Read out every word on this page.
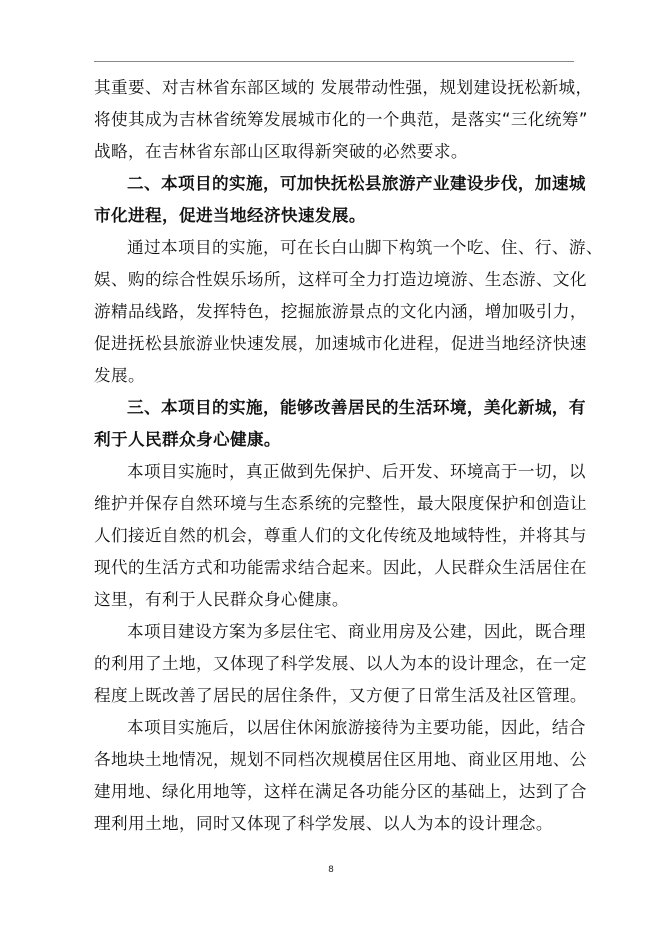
其重要、对吉林省东部区域的 发展带动性强，规划建设抚松新城，
将使其成为吉林省统筹发展城市化的一个典范，是落实“三化统筹”
战略，在吉林省东部山区取得新突破的必然要求。
二、本项目的实施，可加快抚松县旅游产业建设步伐，加速城
市化进程，促进当地经济快速发展。
通过本项目的实施，可在长白山脚下构筑一个吃、住、行、游、
娱、购的综合性娱乐场所，这样可全力打造边境游、生态游、文化
游精品线路，发挥特色，挖掘旅游景点的文化内涵，增加吸引力，
促进抚松县旅游业快速发展，加速城市化进程，促进当地经济快速
发展。
三、本项目的实施，能够改善居民的生活环境，美化新城，有
利于人民群众身心健康。
本项目实施时，真正做到先保护、后开发、环境高于一切，以
维护并保存自然环境与生态系统的完整性，最大限度保护和创造让
人们接近自然的机会，尊重人们的文化传统及地域特性，并将其与
现代的生活方式和功能需求结合起来。因此，人民群众生活居住在
这里，有利于人民群众身心健康。
本项目建设方案为多层住宅、商业用房及公建，因此，既合理
的利用了土地，又体现了科学发展、以人为本的设计理念，在一定
程度上既改善了居民的居住条件，又方便了日常生活及社区管理。
本项目实施后，以居住休闲旅游接待为主要功能，因此，结合
各地块土地情况，规划不同档次规模居住区用地、商业区用地、公
建用地、绿化用地等，这样在满足各功能分区的基础上，达到了合
理利用土地，同时又体现了科学发展、以人为本的设计理念。
8
